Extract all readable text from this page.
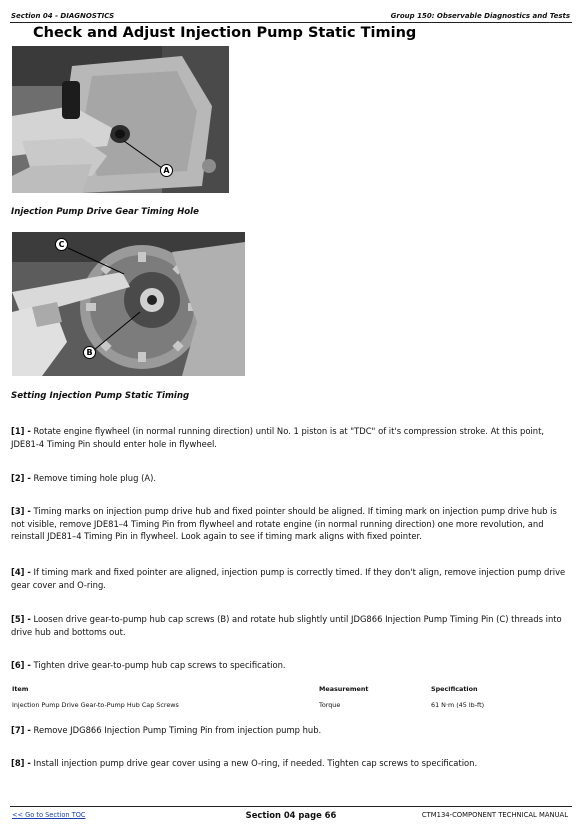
Section 04 - DIAGNOSTICS	Group 150: Observable Diagnostics and Tests
Check and Adjust Injection Pump Static Timing
A
Injection Pump Drive Gear Timing Hole
C
B
Setting Injection Pump Static Timing
[1] - Rotate engine flywheel (in normal running direction) until No. 1 piston is at "TDC" of it's compression stroke. At this point, JDE81-4 Timing Pin should enter hole in flywheel.
[2] - Remove timing hole plug (A).
[3] - Timing marks on injection pump drive hub and fixed pointer should be aligned. If timing mark on injection pump drive hub is not visible, remove JDE81–4 Timing Pin from flywheel and rotate engine (in normal running direction) one more revolution, and reinstall JDE81–4 Timing Pin in flywheel. Look again to see if timing mark aligns with fixed pointer.
[4] - If timing mark and fixed pointer are aligned, injection pump is correctly timed. If they don't align, remove injection pump drive gear cover and O-ring.
[5] - Loosen drive gear-to-pump hub cap screws (B) and rotate hub slightly until JDG866 Injection Pump Timing Pin (C) threads into drive hub and bottoms out.
[6] - Tighten drive gear-to-pump hub cap screws to specification.
Item	Measurement	Specification
Injection Pump Drive Gear-to-Pump Hub Cap Screws	Torque	61 N·m (45 lb-ft)
[7] - Remove JDG866 Injection Pump Timing Pin from injection pump hub.
[8] - Install injection pump drive gear cover using a new O-ring, if needed. Tighten cap screws to specification.
<< Go to Section TOC	Section 04 page 66	CTM134-COMPONENT TECHNICAL MANUAL
